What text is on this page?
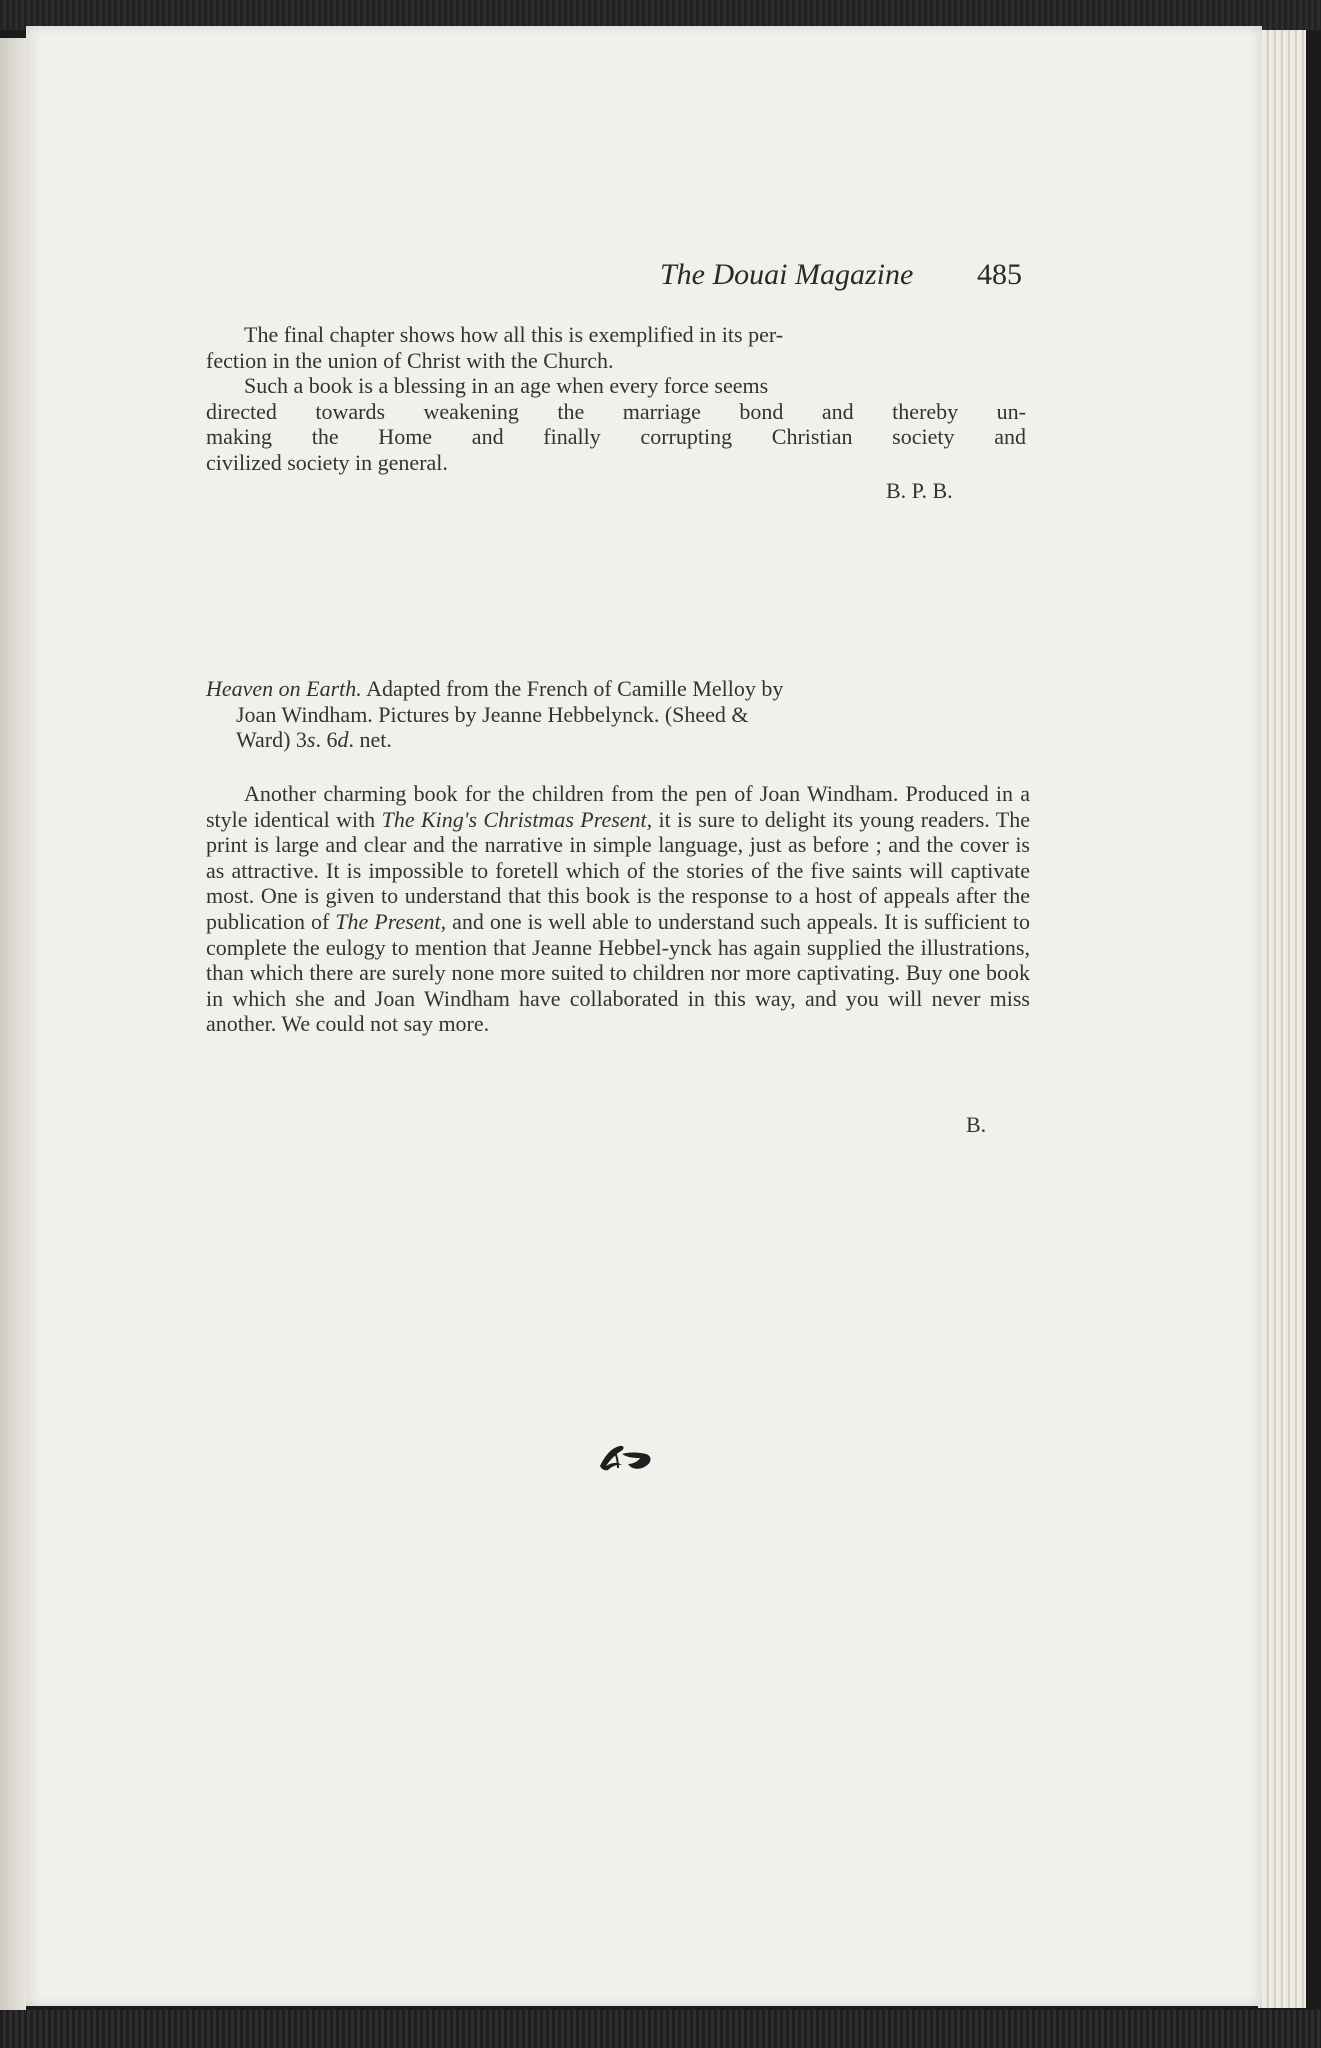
The Douai Magazine 485

The final chapter shows how all this is exemplified in its per-

fection in the union of Christ with the Church.

Such a book is a blessing in an age when every force seems

directed towards weakening the marriage bond and thereby un-

making the Home and finally corrupting Christian society and

civilized society in general.

B. P. B.

Heaven on Earth. Adapted from the French of Camille Melloy by
Joan Windham. Pictures by Jeanne Hebbelynck. (Sheed &
Ward) 3s. 6d. net.

Another charming book for the children from the pen of Joan Windham. Produced in a style identical with The King's Christmas Present, it is sure to delight its young readers. The print is large and clear and the narrative in simple language, just as before ; and the cover is as attractive. It is impossible to foretell which of the stories of the five saints will captivate most. One is given to understand that this book is the response to a host of appeals after the publication of The Present, and one is well able to understand such appeals. It is sufficient to complete the eulogy to mention that Jeanne Hebbel-ynck has again supplied the illustrations, than which there are surely none more suited to children nor more captivating. Buy one book in which she and Joan Windham have collaborated in this way, and you will never miss another. We could not say more.

B.
